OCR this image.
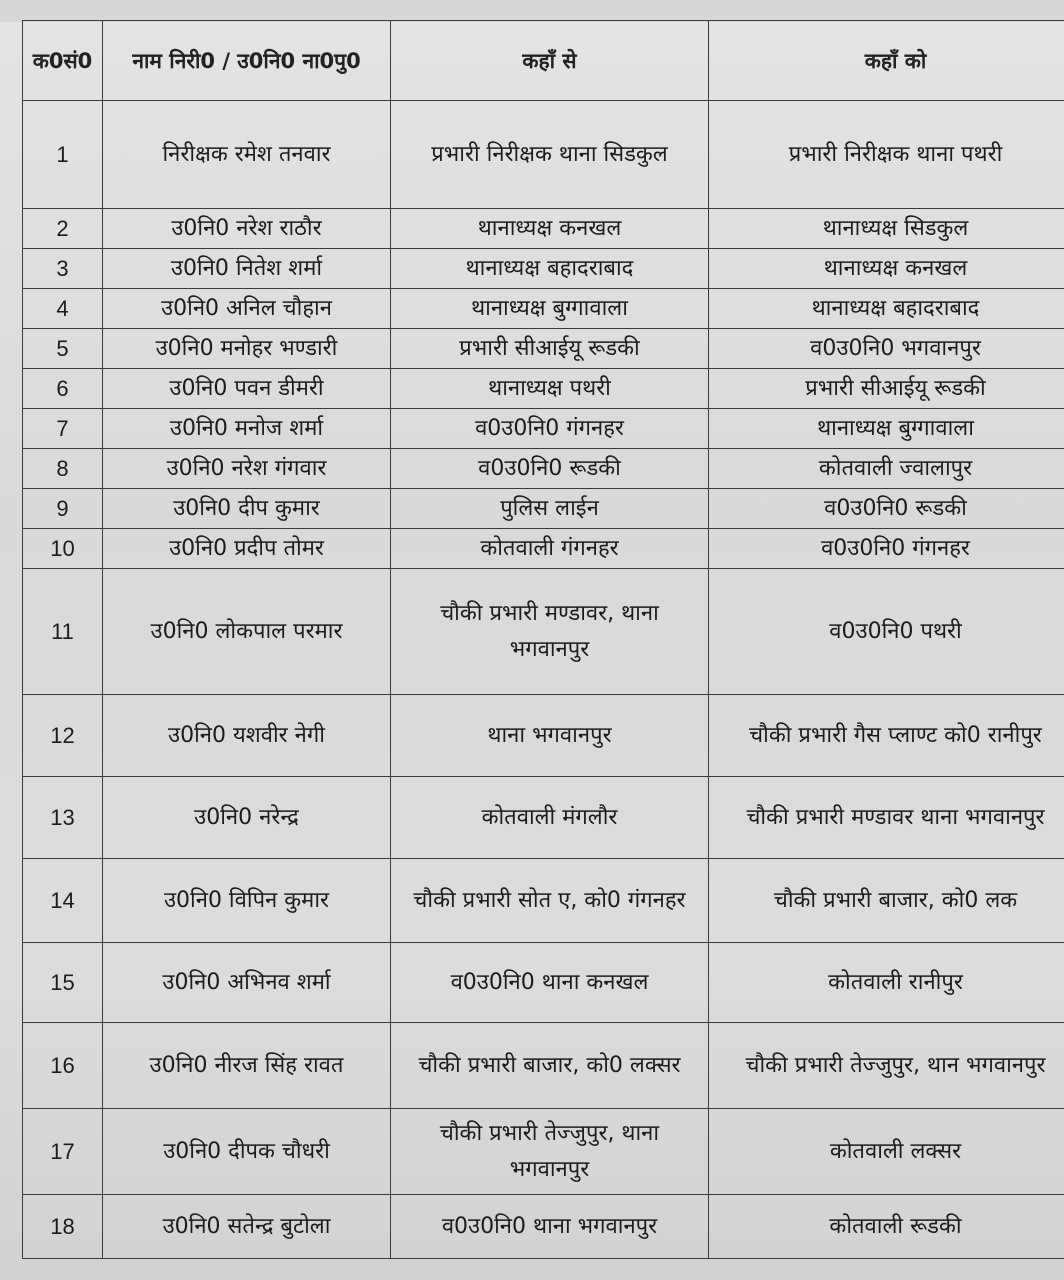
क0सं0	नाम निरी0 / उ0नि0 ना0पु0	कहाँ से	कहाँ को
1	निरीक्षक रमेश तनवार	प्रभारी निरीक्षक थाना सिडकुल	प्रभारी निरीक्षक थाना पथरी
2	उ0नि0 नरेश राठौर	थानाध्यक्ष कनखल	थानाध्यक्ष सिडकुल
3	उ0नि0 नितेश शर्मा	थानाध्यक्ष बहादराबाद	थानाध्यक्ष कनखल
4	उ0नि0 अनिल चौहान	थानाध्यक्ष बुग्गावाला	थानाध्यक्ष बहादराबाद
5	उ0नि0 मनोहर भण्डारी	प्रभारी सीआईयू रूडकी	व0उ0नि0 भगवानपुर
6	उ0नि0 पवन डीमरी	थानाध्यक्ष पथरी	प्रभारी सीआईयू रूडकी
7	उ0नि0 मनोज शर्मा	व0उ0नि0 गंगनहर	थानाध्यक्ष बुग्गावाला
8	उ0नि0 नरेश गंगवार	व0उ0नि0 रूडकी	कोतवाली ज्वालापुर
9	उ0नि0 दीप कुमार	पुलिस लाईन	व0उ0नि0 रूडकी
10	उ0नि0 प्रदीप तोमर	कोतवाली गंगनहर	व0उ0नि0 गंगनहर
11	उ0नि0 लोकपाल परमार	चौकी प्रभारी मण्डावर, थाना भगवानपुर	व0उ0नि0 पथरी
12	उ0नि0 यशवीर नेगी	थाना भगवानपुर	चौकी प्रभारी गैस प्लाण्ट को0 रानीपुर
13	उ0नि0 नरेन्द्र	कोतवाली मंगलौर	चौकी प्रभारी मण्डावर थाना भगवानपुर
14	उ0नि0 विपिन कुमार	चौकी प्रभारी सोत ए, को0 गंगनहर	चौकी प्रभारी बाजार, को0 लक
15	उ0नि0 अभिनव शर्मा	व0उ0नि0 थाना कनखल	कोतवाली रानीपुर
16	उ0नि0 नीरज सिंह रावत	चौकी प्रभारी बाजार, को0 लक्सर	चौकी प्रभारी तेज्जुपुर, थान भगवानपुर
17	उ0नि0 दीपक चौधरी	चौकी प्रभारी तेज्जुपुर, थाना भगवानपुर	कोतवाली लक्सर
18	उ0नि0 सतेन्द्र बुटोला	व0उ0नि0 थाना भगवानपुर	कोतवाली रूडकी
